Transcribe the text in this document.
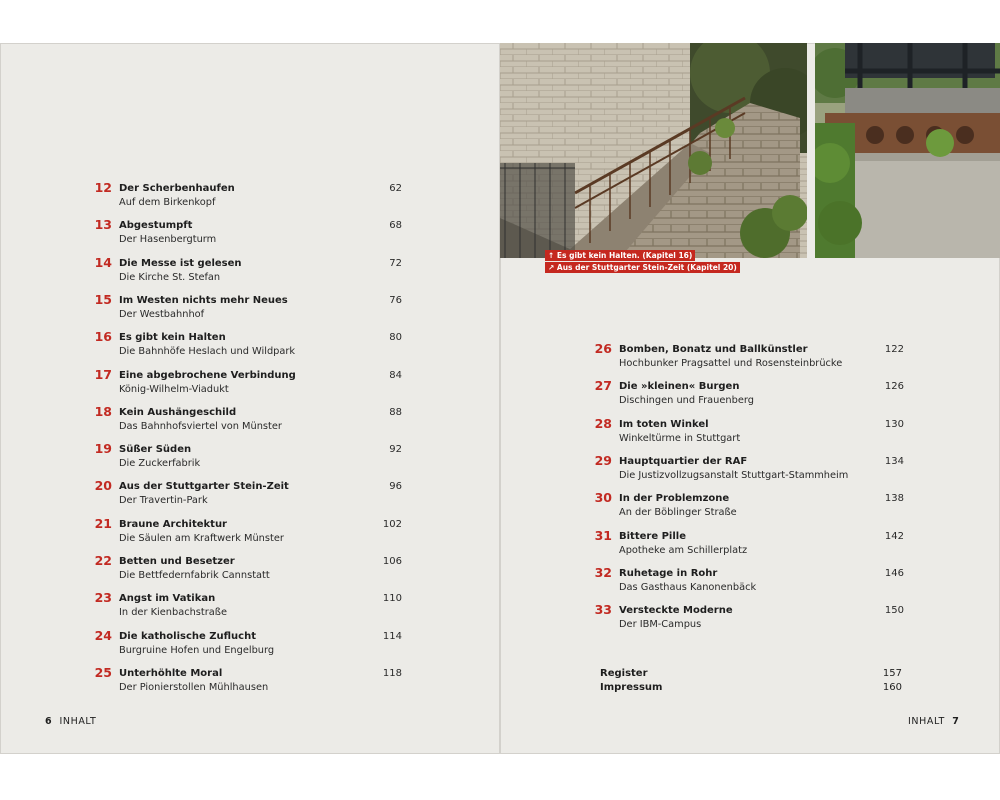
↑ Es gibt kein Halten. (Kapitel 16)
↗ Aus der Stuttgarter Stein-Zeit (Kapitel 20)
12 Der Scherbenhaufen
Auf dem Birkenkopf
62
13 Abgestumpft
Der Hasenbergturm
68
14 Die Messe ist gelesen
Die Kirche St. Stefan
72
15 Im Westen nichts mehr Neues
Der Westbahnhof
76
16 Es gibt kein Halten
Die Bahnhöfe Heslach und Wildpark
80
17 Eine abgebrochene Verbindung
König-Wilhelm-Viadukt
84
18 Kein Aushängeschild
Das Bahnhofsviertel von Münster
88
19 Süßer Süden
Die Zuckerfabrik
92
20 Aus der Stuttgarter Stein-Zeit
Der Travertin-Park
96
21 Braune Architektur
Die Säulen am Kraftwerk Münster
102
22 Betten und Besetzer
Die Bettfedernfabrik Cannstatt
106
23 Angst im Vatikan
In der Kienbachstraße
110
24 Die katholische Zuflucht
Burgruine Hofen und Engelburg
114
25 Unterhöhlte Moral
Der Pionierstollen Mühlhausen
118
26 Bomben, Bonatz und Ballkünstler
Hochbunker Pragsattel und Rosensteinbrücke
122
27 Die »kleinen« Burgen
Dischingen und Frauenberg
126
28 Im toten Winkel
Winkeltürme in Stuttgart
130
29 Hauptquartier der RAF
Die Justizvollzugsanstalt Stuttgart-Stammheim
134
30 In der Problemzone
An der Böblinger Straße
138
31 Bittere Pille
Apotheke am Schillerplatz
142
32 Ruhetage in Rohr
Das Gasthaus Kanonenbäck
146
33 Versteckte Moderne
Der IBM-Campus
150
Register	157
Impressum	160
6 INHALT	INHALT 7
